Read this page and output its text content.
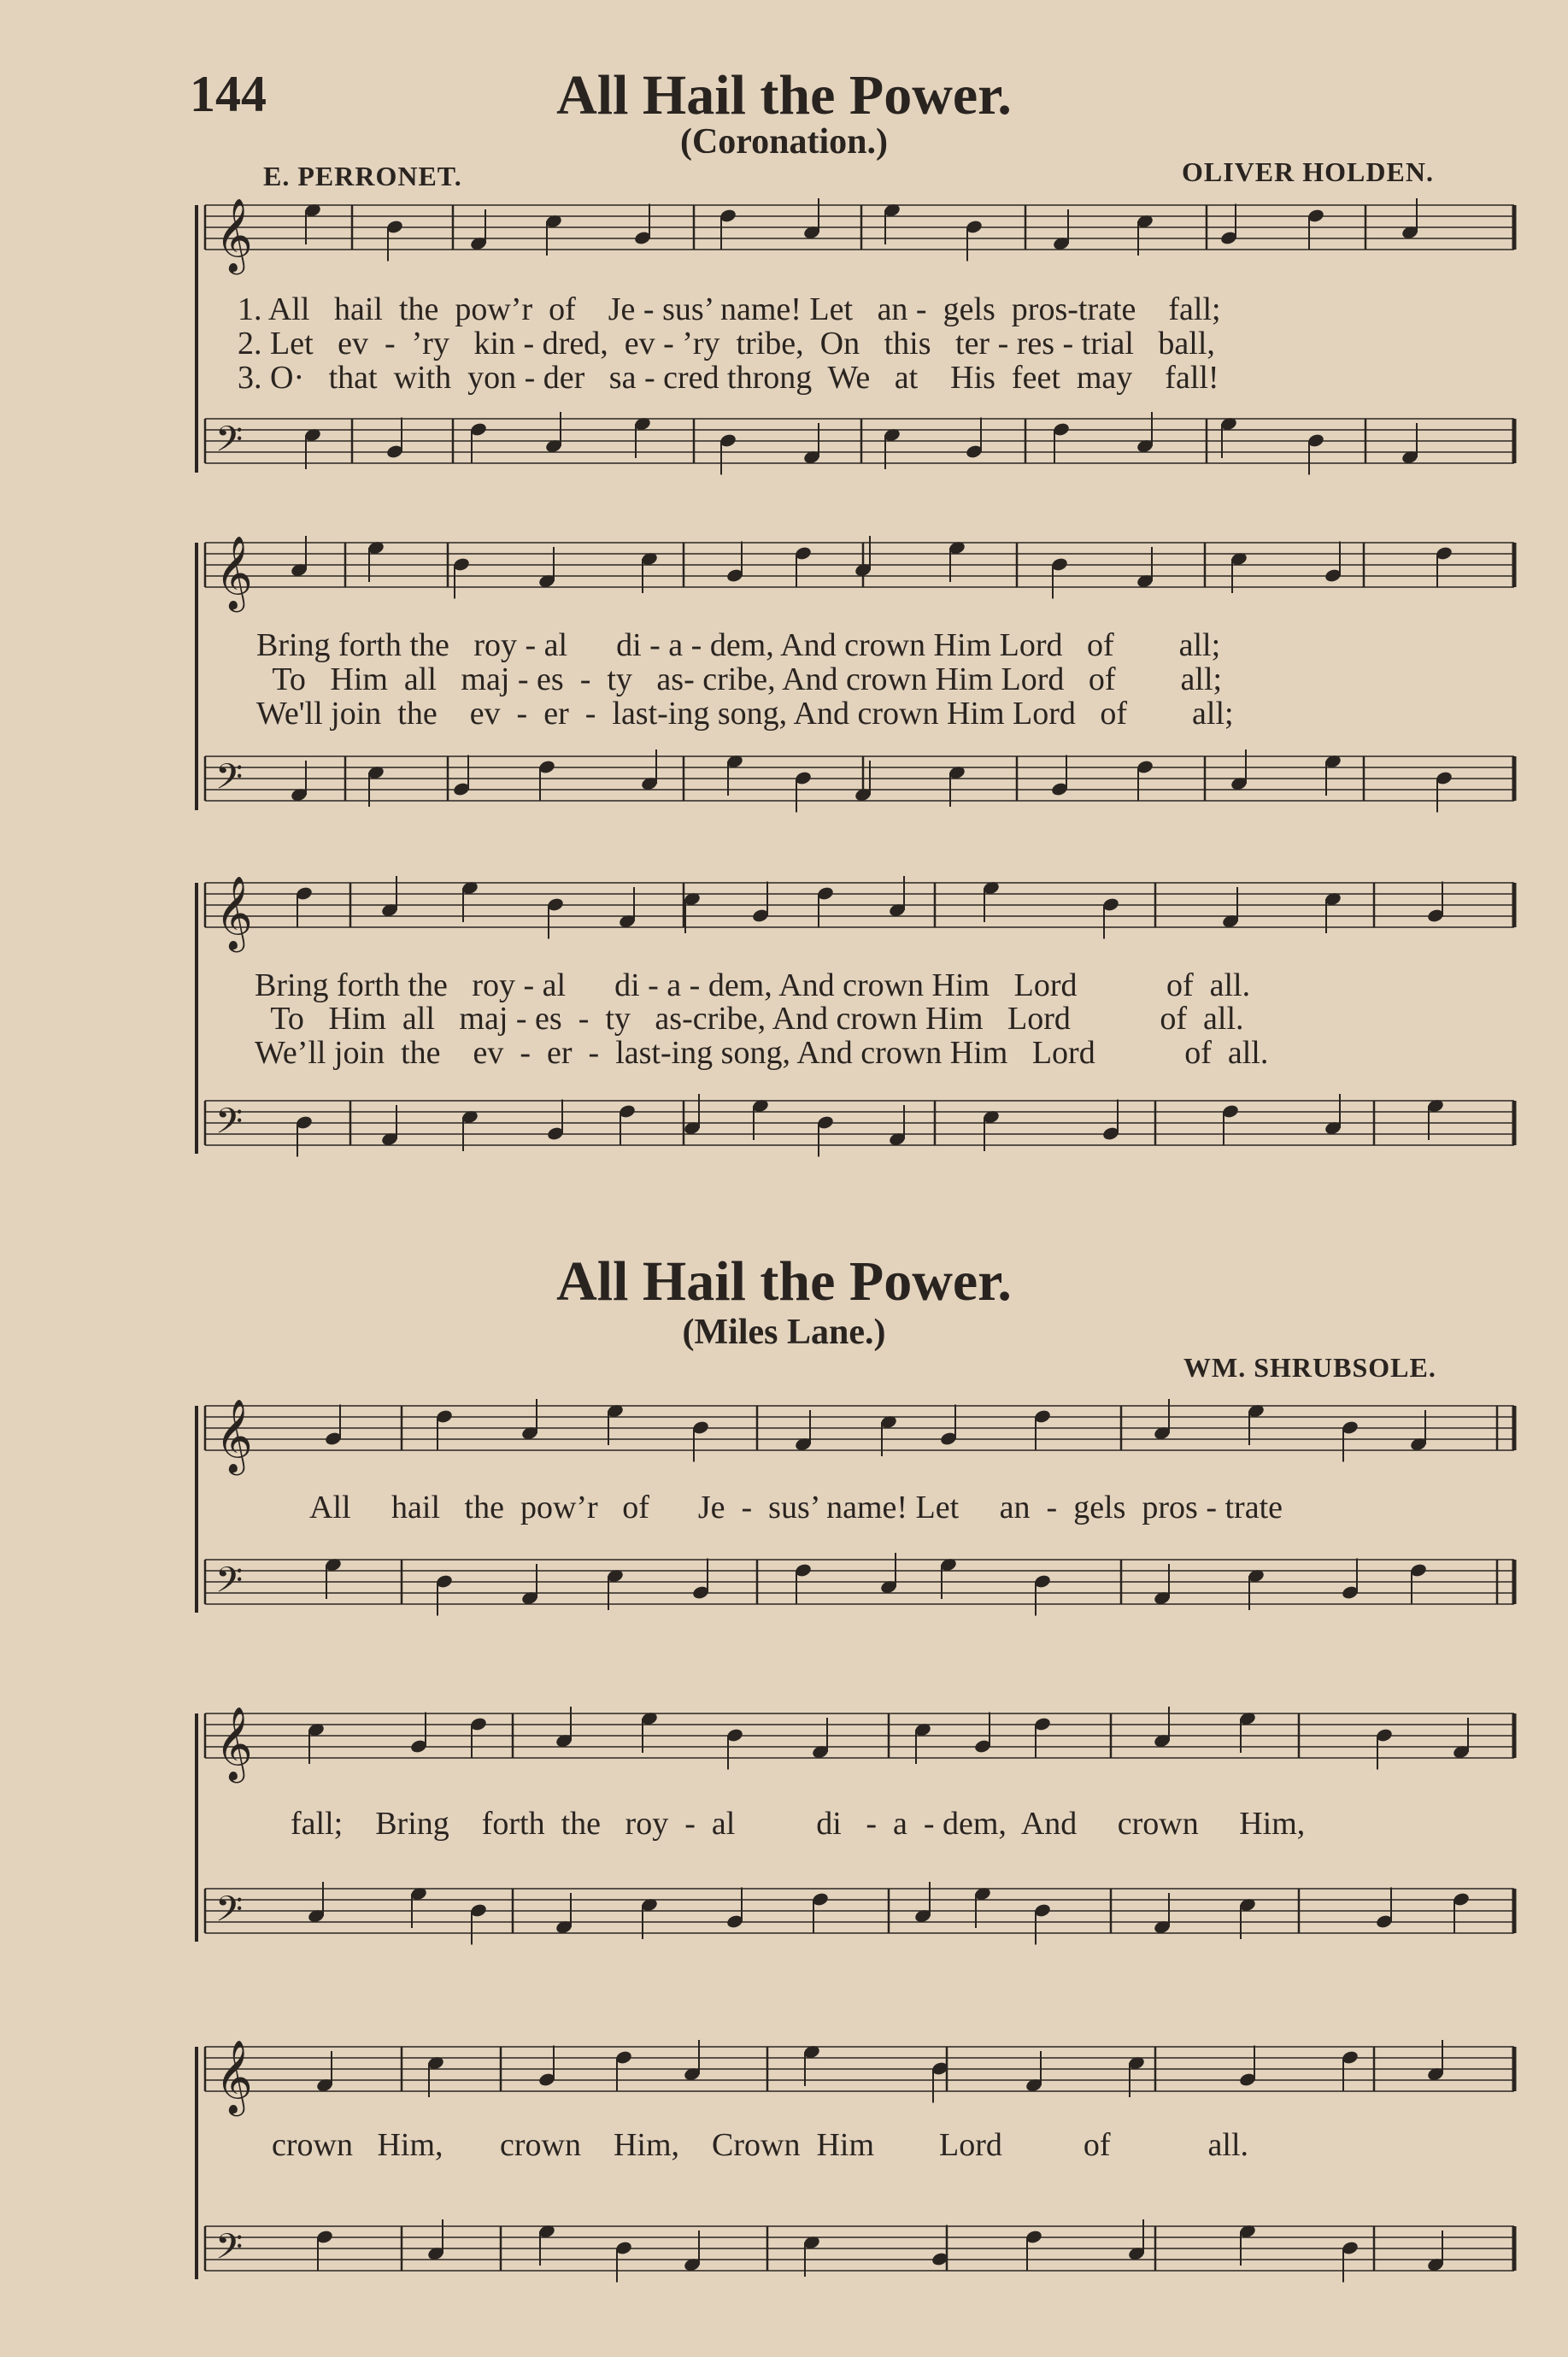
144	All Hail the Power.
(Coronation.)
E. PERRONET.	OLIVER HOLDEN.
1. All   hail  the  pow’r  of    Je - sus’ name! Let   an -  gels  pros-trate    fall;
2. Let   ev  -  ’ry   kin - dred,  ev - ’ry  tribe,  On   this   ter - res - trial   ball,
3. O·   that  with  yon - der   sa - cred throng  We   at    His  feet  may    fall!
Bring forth the   roy - al      di - a - dem, And crown Him Lord   of        all;
To   Him  all   maj - es  -  ty   as- cribe, And crown Him Lord   of        all;
We'll join  the    ev  -  er  -  last-ing song, And crown Him Lord   of        all;
Bring forth the   roy - al      di - a - dem, And crown Him   Lord           of  all.
To   Him  all   maj - es  -  ty   as-cribe, And crown Him   Lord           of  all.
We’ll join  the    ev  -  er  -  last-ing song, And crown Him   Lord           of  all.
All Hail the Power.
(Miles Lane.)
WM. SHRUBSOLE.
All     hail   the  pow’r   of      Je  -  sus’ name! Let     an  -  gels  pros - trate
fall;    Bring    forth  the   roy  -  al          di   -  a  - dem,  And     crown     Him,
crown   Him,       crown    Him,    Crown  Him        Lord          of            all.
𝄞
𝄢
𝄞
𝄢
𝄞
𝄢
𝄞
𝄢
𝄞
𝄢
𝄞
𝄢
